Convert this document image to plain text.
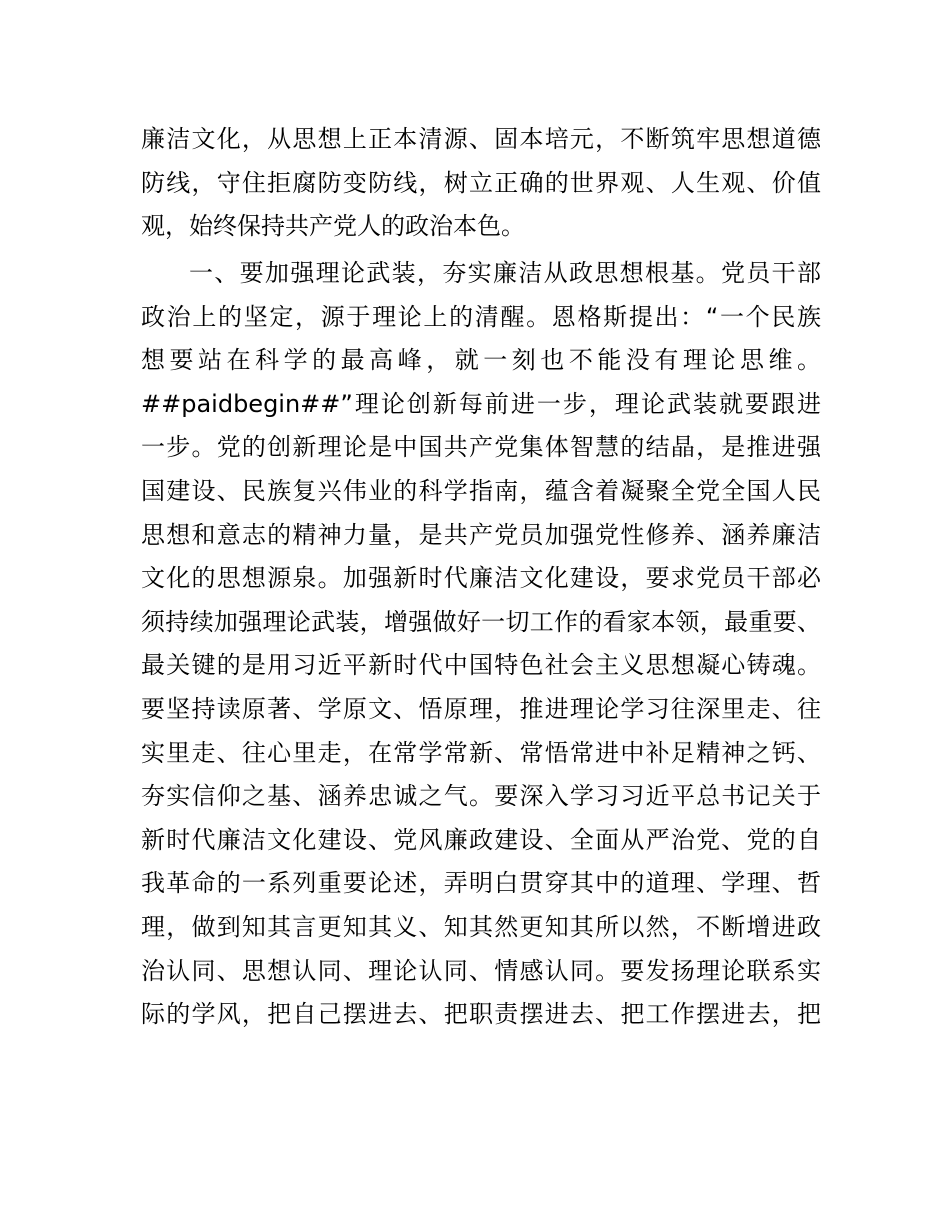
廉洁文化，从思想上正本清源、固本培元，不断筑牢思想道德
防线，守住拒腐防变防线，树立正确的世界观、人生观、价值
观，始终保持共产党人的政治本色。
一、要加强理论武装，夯实廉洁从政思想根基。党员干部
政治上的坚定，源于理论上的清醒。恩格斯提出：“一个民族
想要站在科学的最高峰，就一刻也不能没有理论思维。
##paidbegin##”理论创新每前进一步，理论武装就要跟进
一步。党的创新理论是中国共产党集体智慧的结晶，是推进强
国建设、民族复兴伟业的科学指南，蕴含着凝聚全党全国人民
思想和意志的精神力量，是共产党员加强党性修养、涵养廉洁
文化的思想源泉。加强新时代廉洁文化建设，要求党员干部必
须持续加强理论武装，增强做好一切工作的看家本领，最重要、
最关键的是用习近平新时代中国特色社会主义思想凝心铸魂。
要坚持读原著、学原文、悟原理，推进理论学习往深里走、往
实里走、往心里走，在常学常新、常悟常进中补足精神之钙、
夯实信仰之基、涵养忠诚之气。要深入学习习近平总书记关于
新时代廉洁文化建设、党风廉政建设、全面从严治党、党的自
我革命的一系列重要论述，弄明白贯穿其中的道理、学理、哲
理，做到知其言更知其义、知其然更知其所以然，不断增进政
治认同、思想认同、理论认同、情感认同。要发扬理论联系实
际的学风，把自己摆进去、把职责摆进去、把工作摆进去，把
